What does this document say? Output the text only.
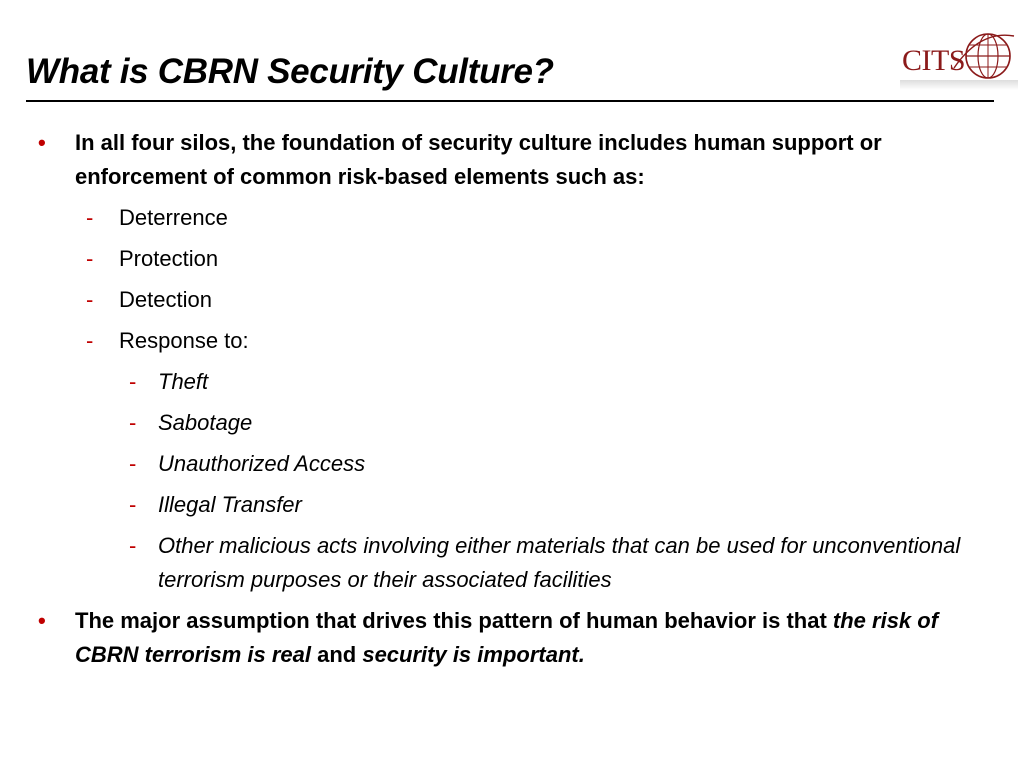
What is CBRN Security Culture?	CITS
• In all four silos, the foundation of security culture includes human support or enforcement of common risk-based elements such as:
- Deterrence
- Protection
- Detection
- Response to:
- Theft
- Sabotage
- Unauthorized Access
- Illegal Transfer
- Other malicious acts involving either materials that can be used for unconventional terrorism purposes or their associated facilities
• The major assumption that drives this pattern of human behavior is that the risk of CBRN terrorism is real and security is important.
